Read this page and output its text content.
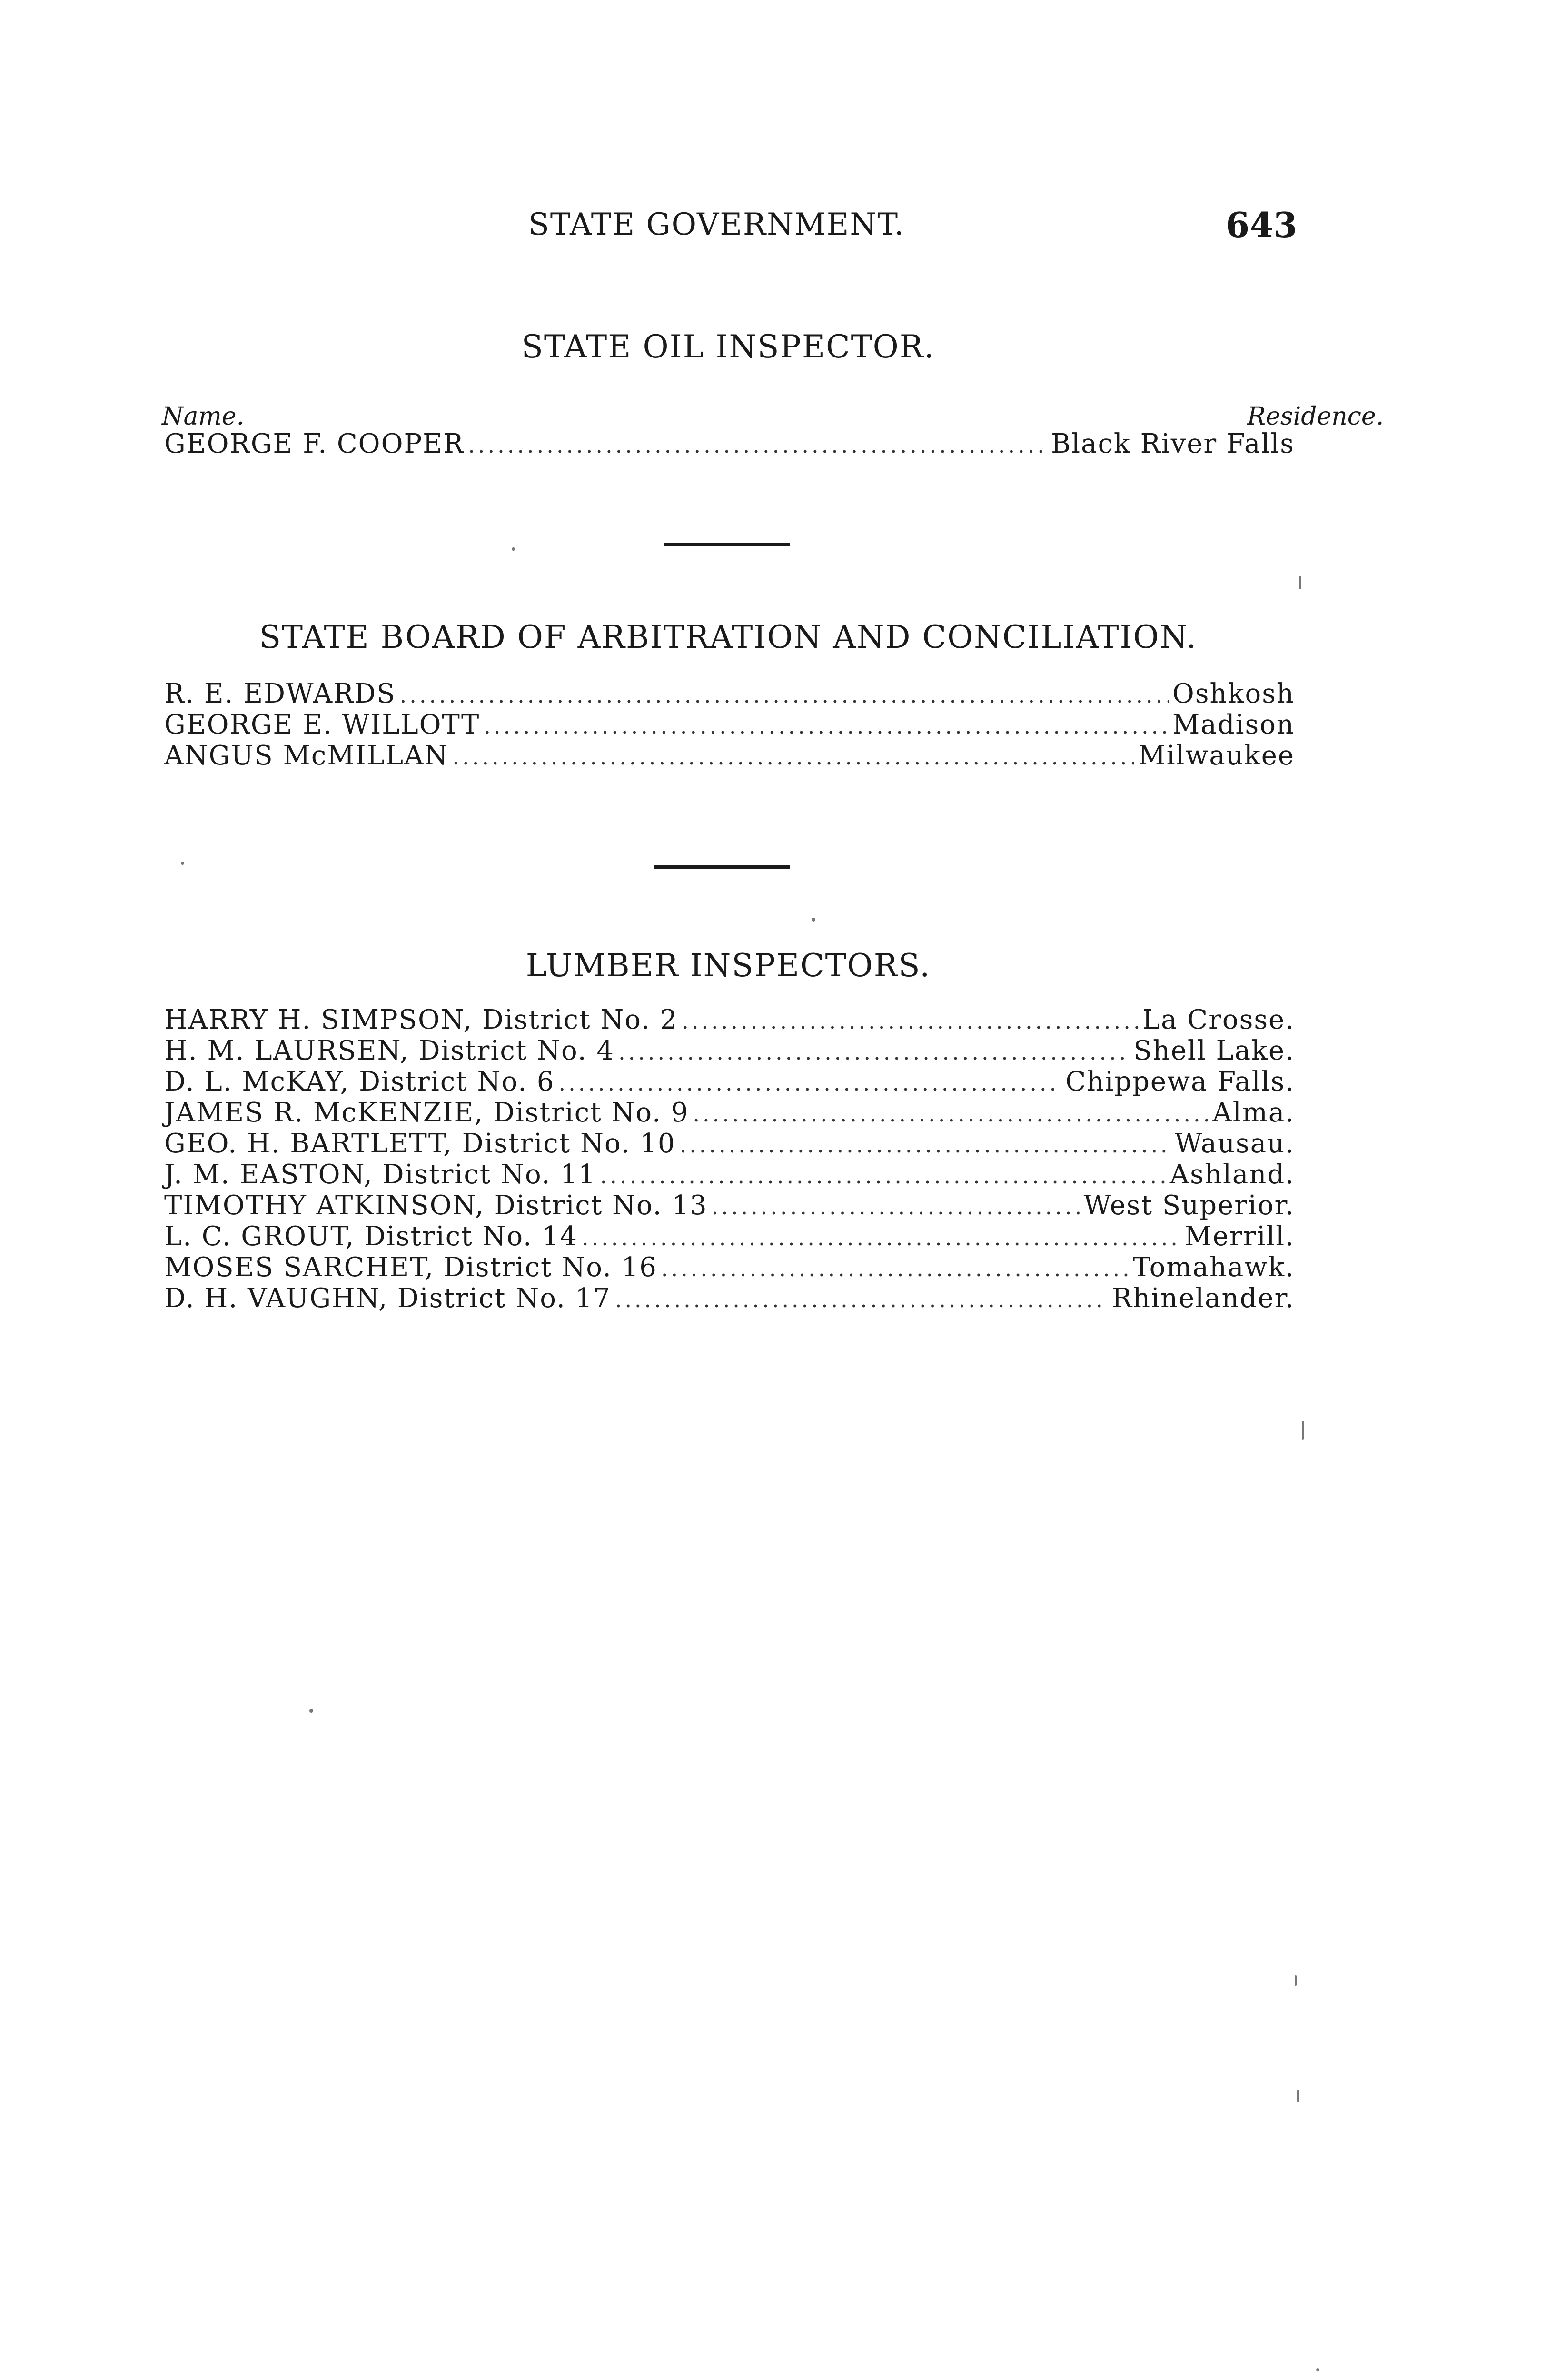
STATE GOVERNMENT.	643
STATE OIL INSPECTOR.
Name.	Residence.
GEORGE F. COOPER .....	Black River Falls
STATE BOARD OF ARBITRATION AND CONCILIATION.
R. E. EDWARDS .....	Oshkosh
GEORGE E. WILLOTT .....	Madison
ANGUS McMILLAN .....	Milwaukee
LUMBER INSPECTORS.
HARRY H. SIMPSON, District No. 2 .....	La Crosse.
H. M. LAURSEN, District No. 4 .....	Shell Lake.
D. L. McKAY, District No. 6 .....	Chippewa Falls.
JAMES R. McKENZIE, District No. 9 .....	Alma.
GEO. H. BARTLETT, District No. 10 .....	Wausau.
J. M. EASTON, District No. 11 .....	Ashland.
TIMOTHY ATKINSON, District No. 13 .....	West Superior.
L. C. GROUT, District No. 14 .....	Merrill.
MOSES SARCHET, District No. 16 .....	Tomahawk.
D. H. VAUGHN, District No. 17 .....	Rhinelander.
